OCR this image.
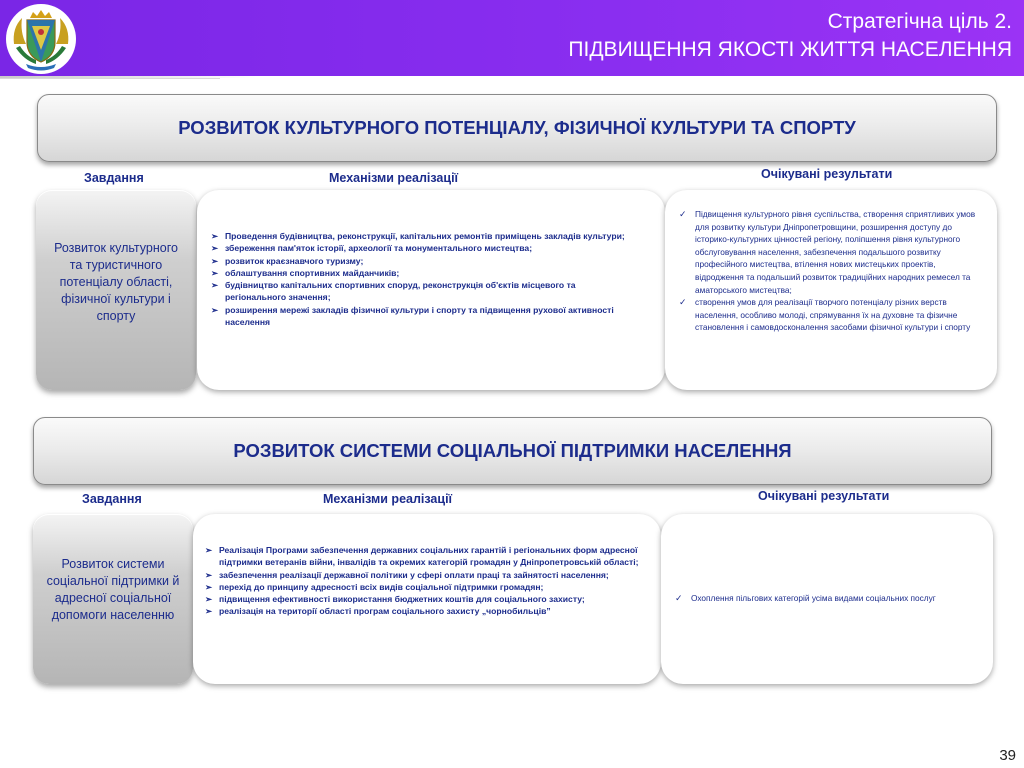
Стратегічна ціль 2.
ПІДВИЩЕННЯ ЯКОСТІ ЖИТТЯ НАСЕЛЕННЯ
РОЗВИТОК КУЛЬТУРНОГО ПОТЕНЦІАЛУ, ФІЗИЧНОЇ КУЛЬТУРИ ТА СПОРТУ
Завдання	Механізми реалізації	Очікувані результати
Розвиток культурного та туристичного потенціалу області, фізичної культури і спорту
➢ Проведення будівництва, реконструкції, капітальних ремонтів приміщень закладів культури;
➢ збереження пам'яток історії, археології та монументального мистецтва;
➢ розвиток краєзнавчого туризму;
➢ облаштування спортивних майданчиків;
➢ будівництво капітальних спортивних споруд, реконструкція об'єктів місцевого та регіонального значення;
➢ розширення мережі закладів фізичної культури і спорту та підвищення рухової активності населення
✓ Підвищення культурного рівня суспільства, створення сприятливих умов для розвитку культури Дніпропетровщини, розширення доступу до історико-культурних цінностей регіону, поліпшення рівня культурного обслуговування населення, забезпечення подальшого розвитку професійного мистецтва, втілення нових мистецьких проектів, відродження та подальший розвиток традиційних народних ремесел та аматорського мистецтва;
✓ створення умов для реалізації творчого потенціалу різних верств населення, особливо молоді, спрямування їх на духовне та фізичне становлення і самовдосконалення засобами фізичної культури і спорту
РОЗВИТОК СИСТЕМИ СОЦІАЛЬНОЇ ПІДТРИМКИ НАСЕЛЕННЯ
Завдання	Механізми реалізації	Очікувані результати
Розвиток системи соціальної підтримки й адресної соціальної допомоги населенню
➢ Реалізація Програми забезпечення державних соціальних гарантій і регіональних форм адресної підтримки ветеранів війни, інвалідів та окремих категорій громадян у Дніпропетровській області;
➢ забезпечення реалізації державної політики у сфері оплати праці та зайнятості населення;
➢ перехід до принципу адресності всіх видів соціальної підтримки громадян;
➢ підвищення ефективності використання бюджетних коштів для соціального захисту;
➢ реалізація на території області програм соціального захисту „чорнобильців”
✓ Охоплення пільгових категорій усіма видами соціальних послуг
39
